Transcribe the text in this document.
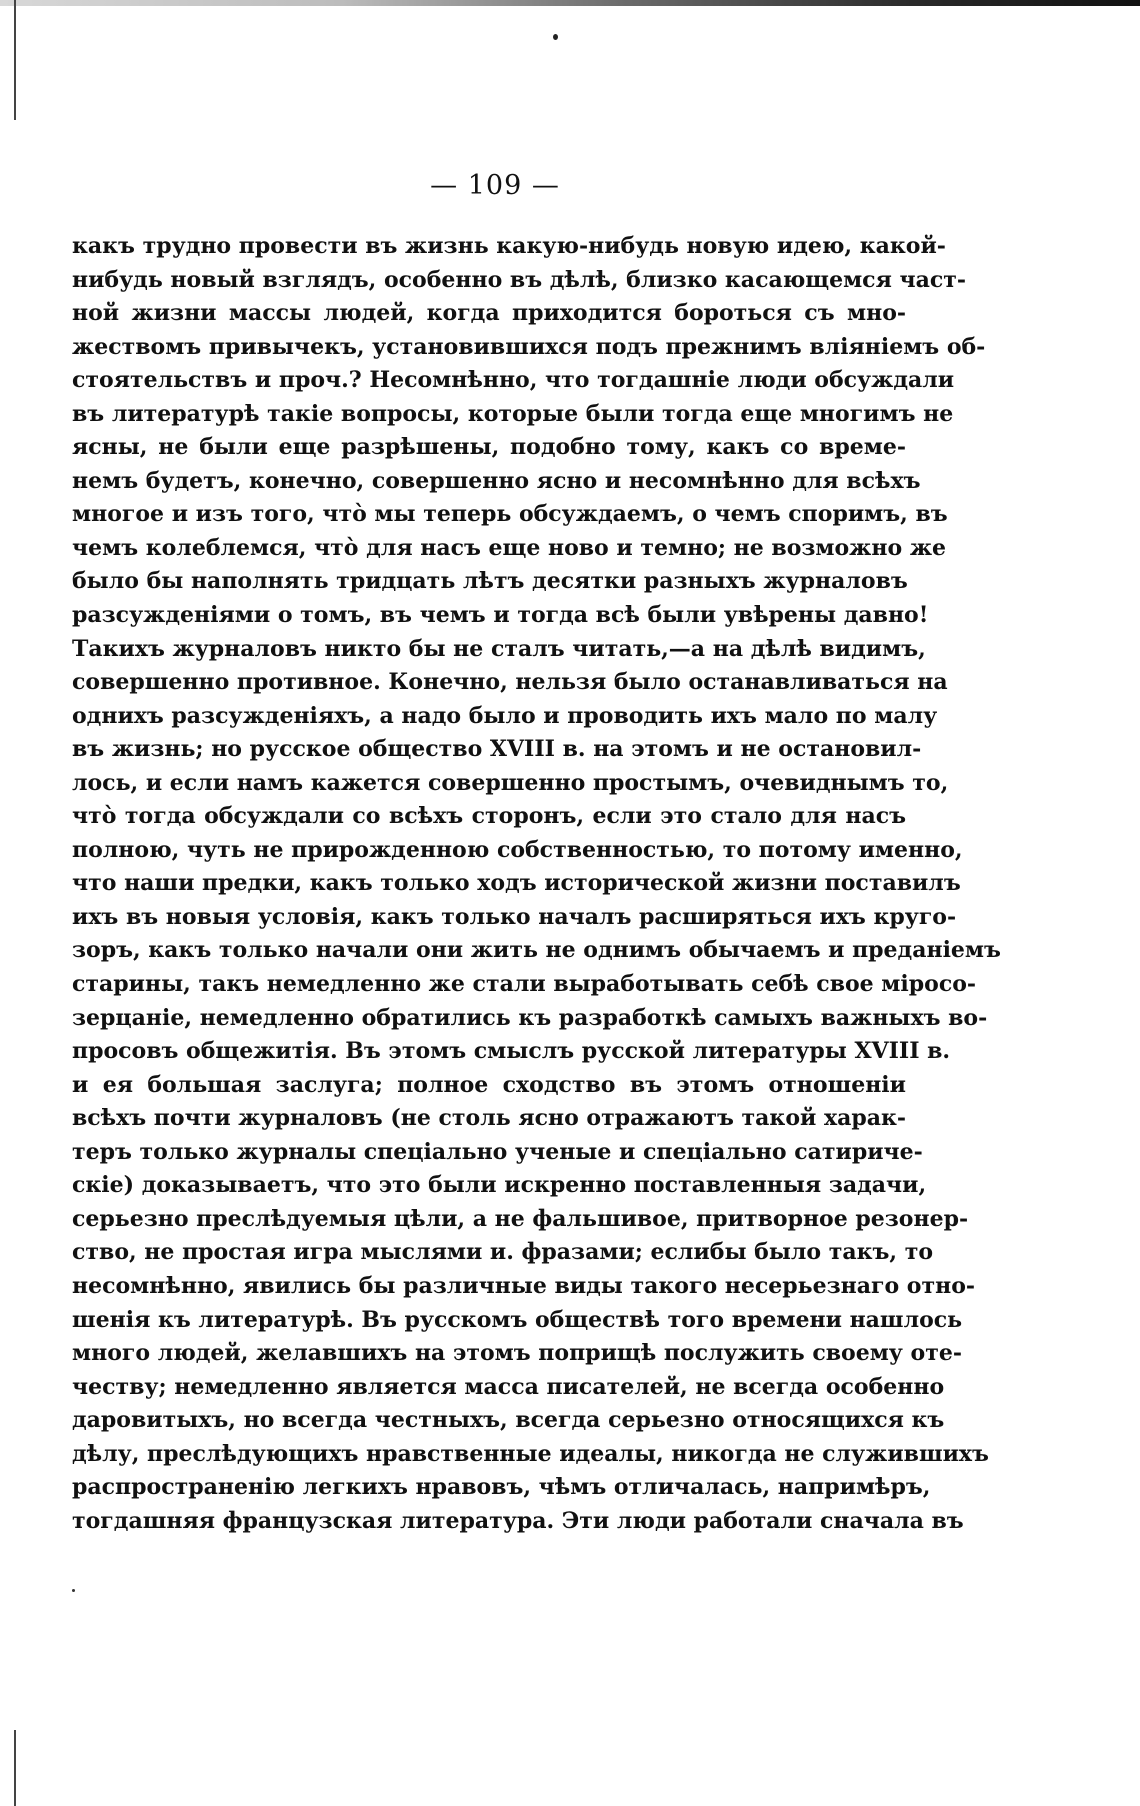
— 109 —
какъ трудно провести въ жизнь какую-нибудь новую идею, какой-
нибудь новый взглядъ, особенно въ дѣлѣ, близко касающемся част-
ной жизни массы людей, когда приходится бороться съ мно-
жествомъ привычекъ, установившихся подъ прежнимъ вліяніемъ об-
стоятельствъ и проч.? Несомнѣнно, что тогдашніе люди обсуждали
въ литературѣ такіе вопросы, которые были тогда еще многимъ не
ясны, не были еще разрѣшены, подобно тому, какъ со време-
немъ будетъ, конечно, совершенно ясно и несомнѣнно для всѣхъ
многое и изъ того, что̀ мы теперь обсуждаемъ, о чемъ споримъ, въ
чемъ колеблемся, что̀ для насъ еще ново и темно; не возможно же
было бы наполнять тридцать лѣтъ десятки разныхъ журналовъ
разсужденіями о томъ, въ чемъ и тогда всѣ были увѣрены давно!
Такихъ журналовъ никто бы не сталъ читать,—а на дѣлѣ видимъ,
совершенно противное. Конечно, нельзя было останавливаться на
однихъ разсужденіяхъ, а надо было и проводить ихъ мало по малу
въ жизнь; но русское общество XVIII в. на этомъ и не остановил-
лось, и если намъ кажется совершенно простымъ, очевиднымъ то,
что̀ тогда обсуждали со всѣхъ сторонъ, если это стало для насъ
полною, чуть не прирожденною собственностью, то потому именно,
что наши предки, какъ только ходъ исторической жизни поставилъ
ихъ въ новыя условія, какъ только началъ расширяться ихъ круго-
зоръ, какъ только начали они жить не однимъ обычаемъ и преданіемъ
старины, такъ немедленно же стали выработывать себѣ свое міросо-
зерцаніе, немедленно обратились къ разработкѣ самыхъ важныхъ во-
просовъ общежитія. Въ этомъ смыслъ русской литературы XVIII в.
и ея большая заслуга; полное сходство въ этомъ отношеніи
всѣхъ почти журналовъ (не столь ясно отражаютъ такой харак-
теръ только журналы спеціально ученые и спеціально сатириче-
скіе) доказываетъ, что это были искренно поставленныя задачи,
серьезно преслѣдуемыя цѣли, а не фальшивое, притворное резонер-
ство, не простая игра мыслями и. фразами; еслибы было такъ, то
несомнѣнно, явились бы различные виды такого несерьезнаго отно-
шенія къ литературѣ. Въ русскомъ обществѣ того времени нашлось
много людей, желавшихъ на этомъ поприщѣ послужить своему оте-
честву; немедленно является масса писателей, не всегда особенно
даровитыхъ, но всегда честныхъ, всегда серьезно относящихся къ
дѣлу, преслѣдующихъ нравственные идеалы, никогда не служившихъ
распространенію легкихъ нравовъ, чѣмъ отличалась, напримѣръ,
тогдашняя французская литература. Эти люди работали сначала въ
